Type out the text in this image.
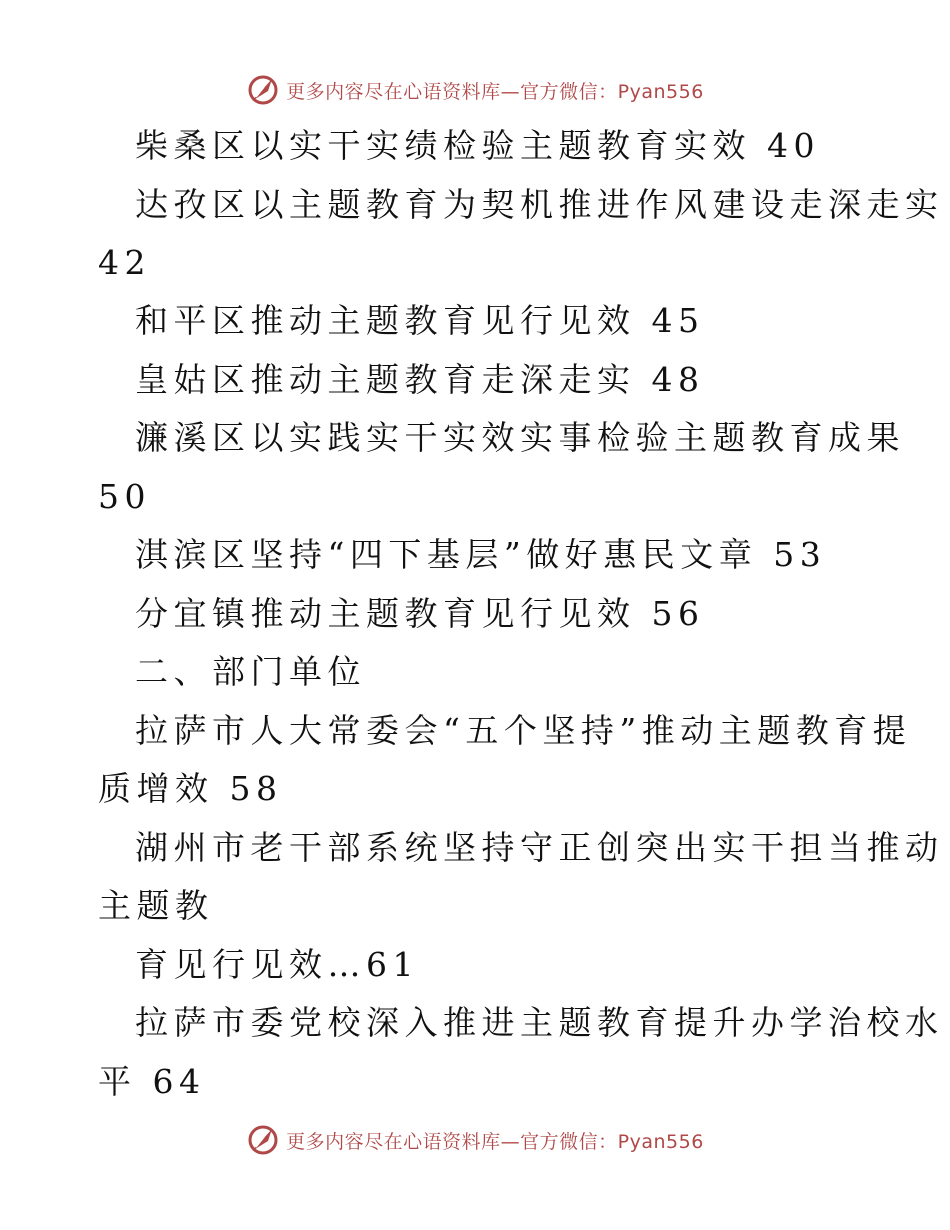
更多内容尽在心语资料库—官方微信：Pyan556
柴桑区以实干实绩检验主题教育实效 40
达孜区以主题教育为契机推进作风建设走深走实
42
和平区推动主题教育见行见效 45
皇姑区推动主题教育走深走实 48
濂溪区以实践实干实效实事检验主题教育成果
50
淇滨区坚持“四下基层”做好惠民文章 53
分宜镇推动主题教育见行见效 56
二、部门单位
拉萨市人大常委会“五个坚持”推动主题教育提
质增效 58
湖州市老干部系统坚持守正创突出实干担当推动
主题教
育见行见效…61
拉萨市委党校深入推进主题教育提升办学治校水
平 64
更多内容尽在心语资料库—官方微信：Pyan556
